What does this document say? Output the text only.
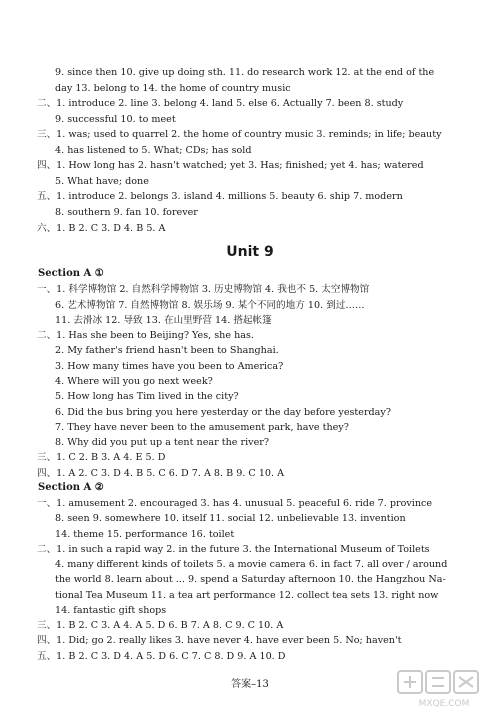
9. since then 10. give up doing sth. 11. do research work 12. at the end of the
day 13. belong to 14. the home of country music
二、1. introduce 2. line 3. belong 4. land 5. else 6. Actually 7. been 8. study
9. successful 10. to meet
三、1. was; used to quarrel 2. the home of country music 3. reminds; in life; beauty
4. has listened to 5. What; CDs; has sold
四、1. How long has 2. hasn't watched; yet 3. Has; finished; yet 4. has; watered
5. What have; done
五、1. introduce 2. belongs 3. island 4. millions 5. beauty 6. ship 7. modern
8. southern 9. fan 10. forever
六、1. B 2. C 3. D 4. B 5. A
Unit 9
Section A ①
一、1. 科学博物馆 2. 自然科学博物馆 3. 历史博物馆 4. 我也不 5. 太空博物馆
6. 艺术博物馆 7. 自然博物馆 8. 娱乐场 9. 某个不同的地方 10. 到过……
11. 去滑冰 12. 导致 13. 在山里野营 14. 搭起帐篷
二、1. Has she been to Beijing? Yes, she has.
2. My father's friend hasn't been to Shanghai.
3. How many times have you been to America?
4. Where will you go next week?
5. How long has Tim lived in the city?
6. Did the bus bring you here yesterday or the day before yesterday?
7. They have never been to the amusement park, have they?
8. Why did you put up a tent near the river?
三、1. C 2. B 3. A 4. E 5. D
四、1. A 2. C 3. D 4. B 5. C 6. D 7. A 8. B 9. C 10. A
Section A ②
一、1. amusement 2. encouraged 3. has 4. unusual 5. peaceful 6. ride 7. province
8. seen 9. somewhere 10. itself 11. social 12. unbelievable 13. invention
14. theme 15. performance 16. toilet
二、1. in such a rapid way 2. in the future 3. the International Museum of Toilets
4. many different kinds of toilets 5. a movie camera 6. in fact 7. all over / around
the world 8. learn about ... 9. spend a Saturday afternoon 10. the Hangzhou Na-
tional Tea Museum 11. a tea art performance 12. collect tea sets 13. right now
14. fantastic gift shops
三、1. B 2. C 3. A 4. A 5. D 6. B 7. A 8. C 9. C 10. A
四、1. Did; go 2. really likes 3. have never 4. have ever been 5. No; haven't
五、1. B 2. C 3. D 4. A 5. D 6. C 7. C 8. D 9. A 10. D
答案–13
MXQE.COM
